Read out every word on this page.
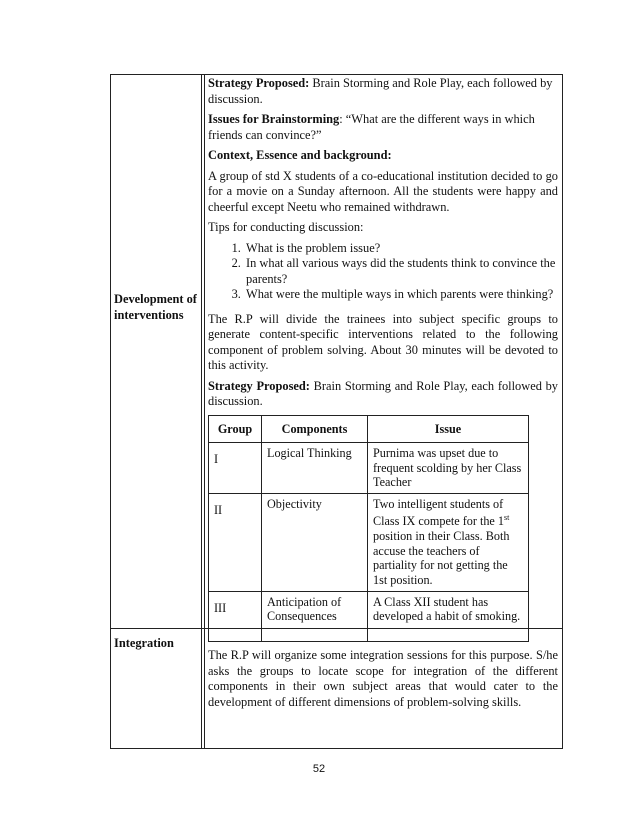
Development of
interventions

Strategy Proposed: Brain Storming and Role Play, each followed by discussion.

Issues for Brainstorming: “What are the different ways in which friends can convince?”

Context, Essence and background:

A group of std X students of a co-educational institution decided to go for a movie on a Sunday afternoon. All the students were happy and cheerful except Neetu who remained withdrawn.

Tips for conducting discussion:

1. What is the problem issue?
2. In what all various ways did the students think to convince the parents?
3. What were the multiple ways in which parents were thinking?

The R.P will divide the trainees into subject specific groups to generate content-specific interventions related to the following component of problem solving. About 30 minutes will be devoted to this activity.

Strategy Proposed: Brain Storming and Role Play, each followed by discussion.

Group	Components	Issue
I	Logical Thinking	Purnima was upset due to frequent scolding by her Class Teacher
II	Objectivity	Two intelligent students of Class IX compete for the 1st position in their Class. Both accuse the teachers of partiality for not getting the 1st position.
III	Anticipation of Consequences	A Class XII student has developed a habit of smoking.
Integration

The R.P will organize some integration sessions for this purpose. S/he asks the groups to locate scope for integration of the different components in their own subject areas that would cater to the development of different dimensions of problem-solving skills.

52
